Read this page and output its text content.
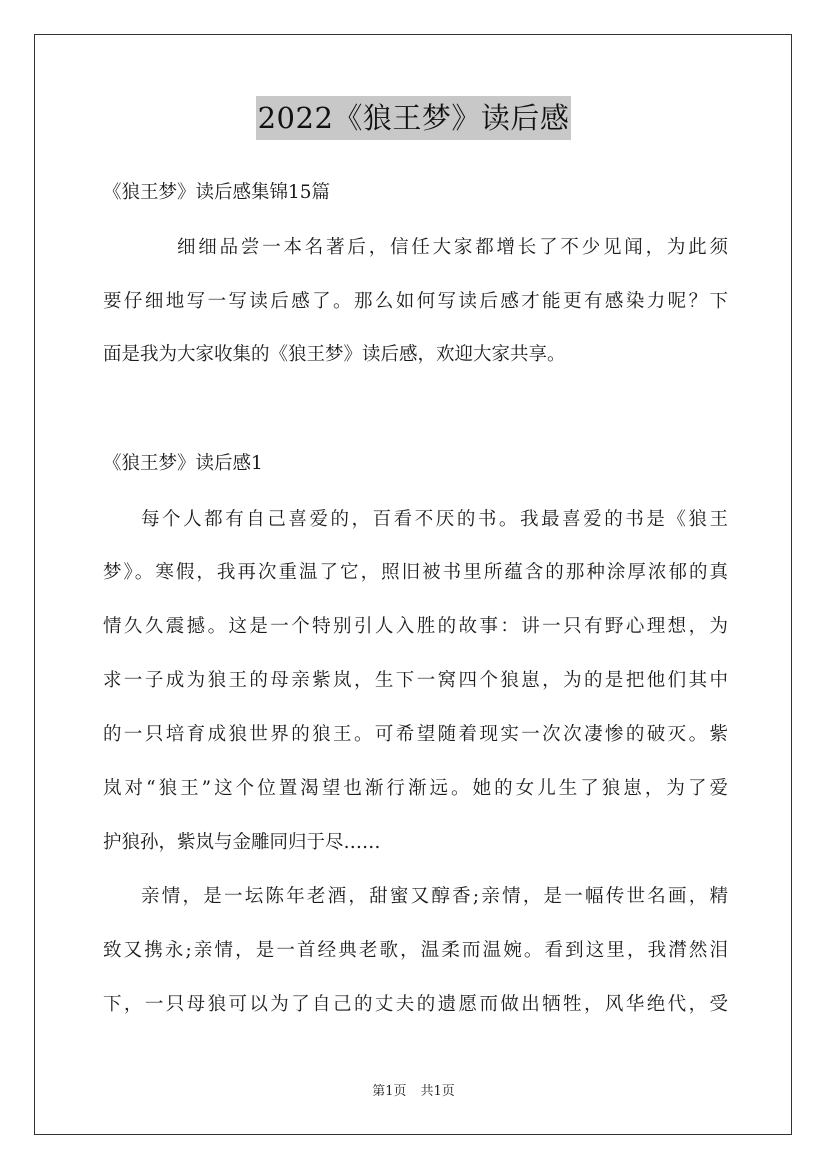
2022《狼王梦》读后感
《狼王梦》读后感集锦15篇
细细品尝一本名著后，信任大家都增长了不少见闻，为此须
要仔细地写一写读后感了。那么如何写读后感才能更有感染力呢？下
面是我为大家收集的《狼王梦》读后感，欢迎大家共享。
《狼王梦》读后感1
每个人都有自己喜爱的，百看不厌的书。我最喜爱的书是《狼王
梦》。寒假，我再次重温了它，照旧被书里所蕴含的那种涂厚浓郁的真
情久久震撼。这是一个特别引人入胜的故事：讲一只有野心理想，为
求一子成为狼王的母亲紫岚，生下一窝四个狼崽，为的是把他们其中
的一只培育成狼世界的狼王。可希望随着现实一次次凄惨的破灭。紫
岚对“狼王”这个位置渴望也渐行渐远。她的女儿生了狼崽，为了爱
护狼孙，紫岚与金雕同归于尽……
亲情，是一坛陈年老酒，甜蜜又醇香;亲情，是一幅传世名画，精
致又携永;亲情，是一首经典老歌，温柔而温婉。看到这里，我潸然泪
下，一只母狼可以为了自己的丈夫的遗愿而做出牺牲，风华绝代，受
第1页 共1页
